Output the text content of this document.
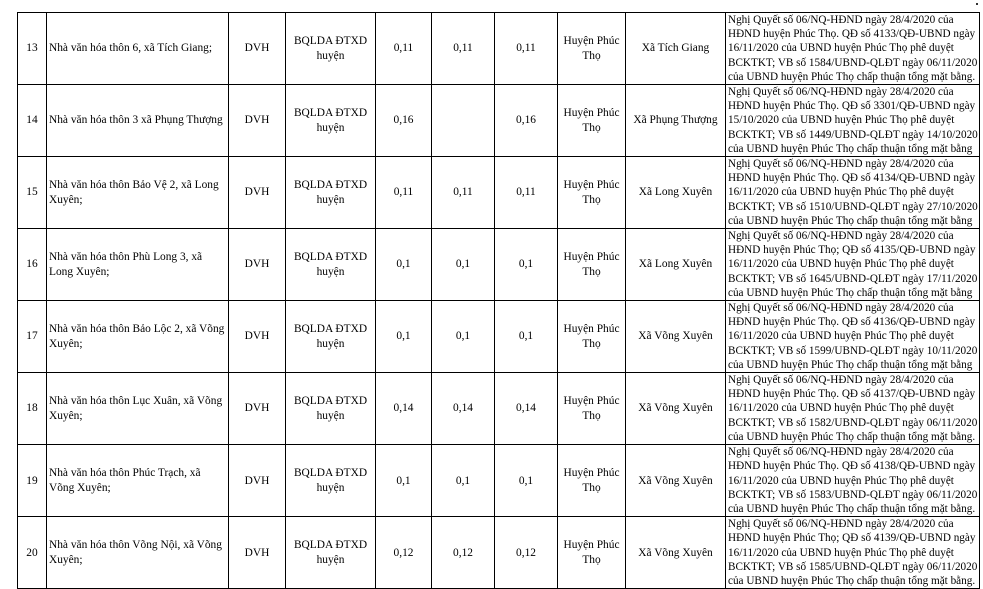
13	Nhà văn hóa thôn 6, xã Tích Giang;	DVH	BQLDA ĐTXD huyện	0,11	0,11	0,11	Huyện Phúc Thọ	Xã Tích Giang	Nghị Quyết số 06/NQ-HĐND ngày 28/4/2020 của
HĐND huyện Phúc Thọ. QĐ số 4133/QĐ-UBND ngày
16/11/2020 của UBND huyện Phúc Thọ phê duyệt
BCKTKT; VB số 1584/UBND-QLĐT ngày 06/11/2020
của UBND huyện Phúc Thọ chấp thuận tổng mặt bằng.

14	Nhà văn hóa thôn 3 xã Phụng Thượng	DVH	BQLDA ĐTXD huyện	0,16		0,16	Huyện Phúc Thọ	Xã Phụng Thượng	Nghị Quyết số 06/NQ-HĐND ngày 28/4/2020 của
HĐND huyện Phúc Thọ. QĐ số 3301/QĐ-UBND ngày
15/10/2020 của UBND huyện Phúc Thọ phê duyệt
BCKTKT; VB số 1449/UBND-QLĐT ngày 14/10/2020
của UBND huyện Phúc Thọ chấp thuận tổng mặt bằng

15	Nhà văn hóa thôn Bảo Vệ 2, xã Long Xuyên;	DVH	BQLDA ĐTXD huyện	0,11	0,11	0,11	Huyện Phúc Thọ	Xã Long Xuyên	Nghị Quyết số 06/NQ-HĐND ngày 28/4/2020 của
HĐND huyện Phúc Thọ. QĐ số 4134/QĐ-UBND ngày
16/11/2020 của UBND huyện Phúc Thọ phê duyệt
BCKTKT; VB số 1510/UBND-QLĐT ngày 27/10/2020
của UBND huyện Phúc Thọ chấp thuận tổng mặt bằng

16	Nhà văn hóa thôn Phù Long 3, xã Long Xuyên;	DVH	BQLDA ĐTXD huyện	0,1	0,1	0,1	Huyện Phúc Thọ	Xã Long Xuyên	Nghị Quyết số 06/NQ-HĐND ngày 28/4/2020 của
HĐND huyện Phúc Thọ; QĐ số 4135/QĐ-UBND ngày
16/11/2020 của UBND huyện Phúc Thọ phê duyệt
BCKTKT; VB số 1645/UBND-QLĐT ngày 17/11/2020
của UBND huyện Phúc Thọ chấp thuận tổng mặt bằng

17	Nhà văn hóa thôn Bảo Lộc 2, xã Võng Xuyên;	DVH	BQLDA ĐTXD huyện	0,1	0,1	0,1	Huyện Phúc Thọ	Xã Võng Xuyên	Nghị Quyết số 06/NQ-HĐND ngày 28/4/2020 của
HĐND huyện Phúc Thọ. QĐ số 4136/QĐ-UBND ngày
16/11/2020 của UBND huyện Phúc Thọ phê duyệt
BCKTKT; VB số 1599/UBND-QLĐT ngày 10/11/2020
của UBND huyện Phúc Thọ chấp thuận tổng mặt bằng

18	Nhà văn hóa thôn Lục Xuân, xã Võng Xuyên;	DVH	BQLDA ĐTXD huyện	0,14	0,14	0,14	Huyện Phúc Thọ	Xã Võng Xuyên	Nghị Quyết số 06/NQ-HĐND ngày 28/4/2020 của
HĐND huyện Phúc Thọ. QĐ số 4137/QĐ-UBND ngày
16/11/2020 của UBND huyện Phúc Thọ phê duyệt
BCKTKT; VB số 1582/UBND-QLĐT ngày 06/11/2020
của UBND huyện Phúc Thọ chấp thuận tổng mặt bằng.

19	Nhà văn hóa thôn Phúc Trạch, xã Võng Xuyên;	DVH	BQLDA ĐTXD huyện	0,1	0,1	0,1	Huyện Phúc Thọ	Xã Võng Xuyên	Nghị Quyết số 06/NQ-HĐND ngày 28/4/2020 của
HĐND huyện Phúc Thọ. QĐ số 4138/QĐ-UBND ngày
16/11/2020 của UBND huyện Phúc Thọ phê duyệt
BCKTKT; VB số 1583/UBND-QLĐT ngày 06/11/2020
của UBND huyện Phúc Thọ chấp thuận tổng mặt bằng.

20	Nhà văn hóa thôn Võng Nội, xã Võng Xuyên;	DVH	BQLDA ĐTXD huyện	0,12	0,12	0,12	Huyện Phúc Thọ	Xã Võng Xuyên	Nghị Quyết số 06/NQ-HĐND ngày 28/4/2020 của
HĐND huyện Phúc Thọ; QĐ số 4139/QĐ-UBND ngày
16/11/2020 của UBND huyện Phúc Thọ phê duyệt
BCKTKT; VB số 1585/UBND-QLĐT ngày 06/11/2020
của UBND huyện Phúc Thọ chấp thuận tổng mặt bằng.
